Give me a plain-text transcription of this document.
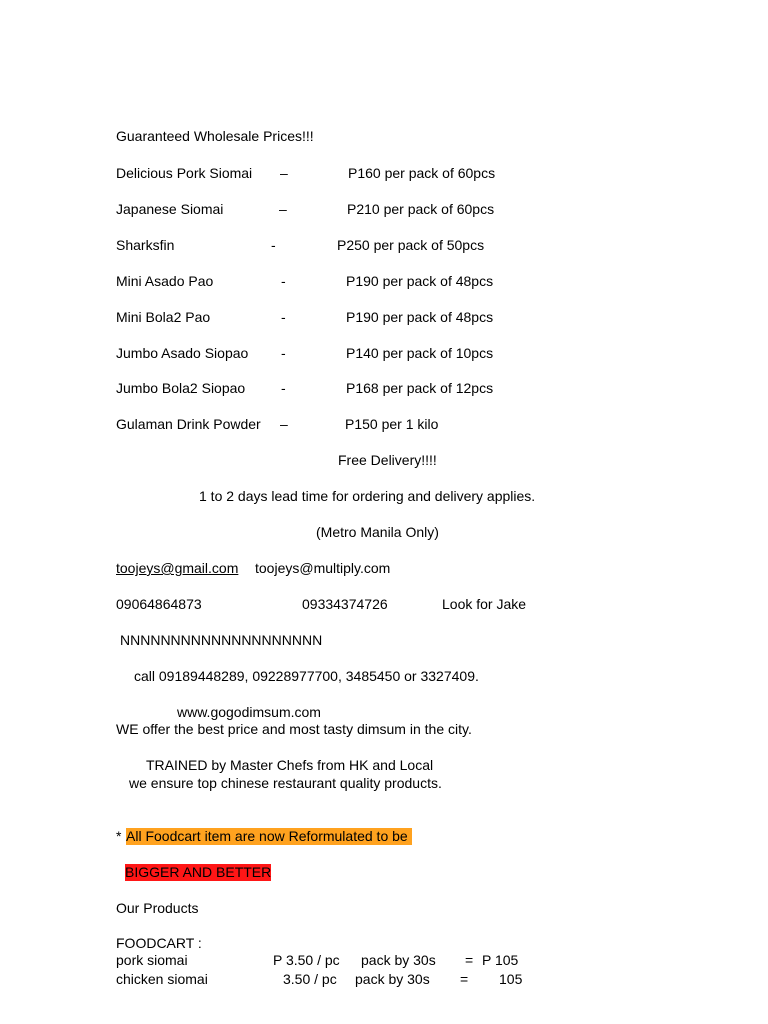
Guaranteed Wholesale Prices!!!
Delicious Pork Siomai –	P160 per pack of 60pcs
Japanese Siomai	–	P210 per pack of 60pcs
Sharksfin	-	P250 per pack of 50pcs
Mini Asado Pao	-	P190 per pack of 48pcs
Mini Bola2 Pao	-	P190 per pack of 48pcs
Jumbo Asado Siopao -	P140 per pack of 10pcs
Jumbo Bola2 Siopao	-	P168 per pack of 12pcs
Gulaman Drink Powder –	P150 per 1 kilo
Free Delivery!!!!
1 to 2 days lead time for ordering and delivery applies.
(Metro Manila Only)
toojeys@gmail.com toojeys@multiply.com
09064864873	09334374726	Look for Jake
NNNNNNNNNNNNNNNNNNNN
call 09189448289, 09228977700, 3485450 or 3327409.
www.gogodimsum.com
WE offer the best price and most tasty dimsum in the city.
TRAINED by Master Chefs from HK and Local
we ensure top chinese restaurant quality products.
* All Foodcart item are now Reformulated to be
BIGGER AND BETTER
Our Products
FOODCART :
pork siomai	P 3.50 / pc pack by 30s = P 105
chicken siomai	3.50 / pc pack by 30s = 105
